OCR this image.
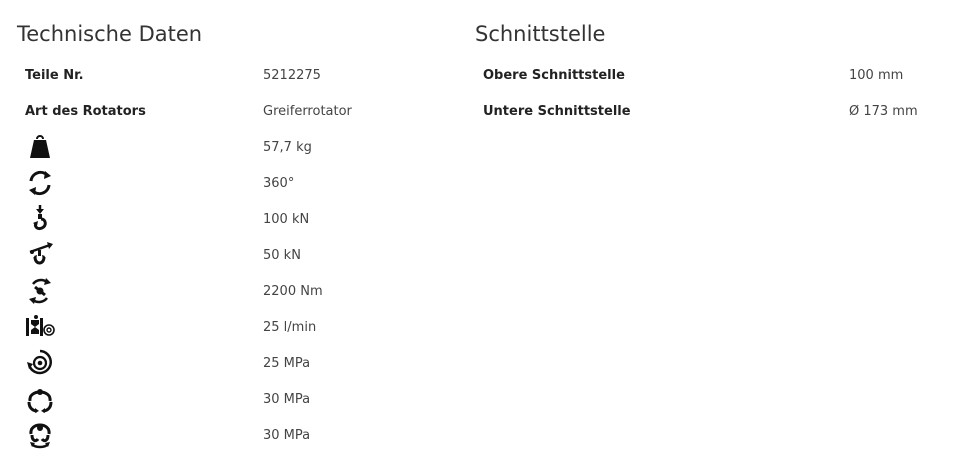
Technische Daten
Teile Nr.	5212275
Art des Rotators	Greiferrotator
57,7 kg
360°
100 kN
50 kN
2200 Nm
25 l/min
25 MPa
30 MPa
30 MPa
Schnittstelle
Obere Schnittstelle	100 mm
Untere Schnittstelle	Ø 173 mm
